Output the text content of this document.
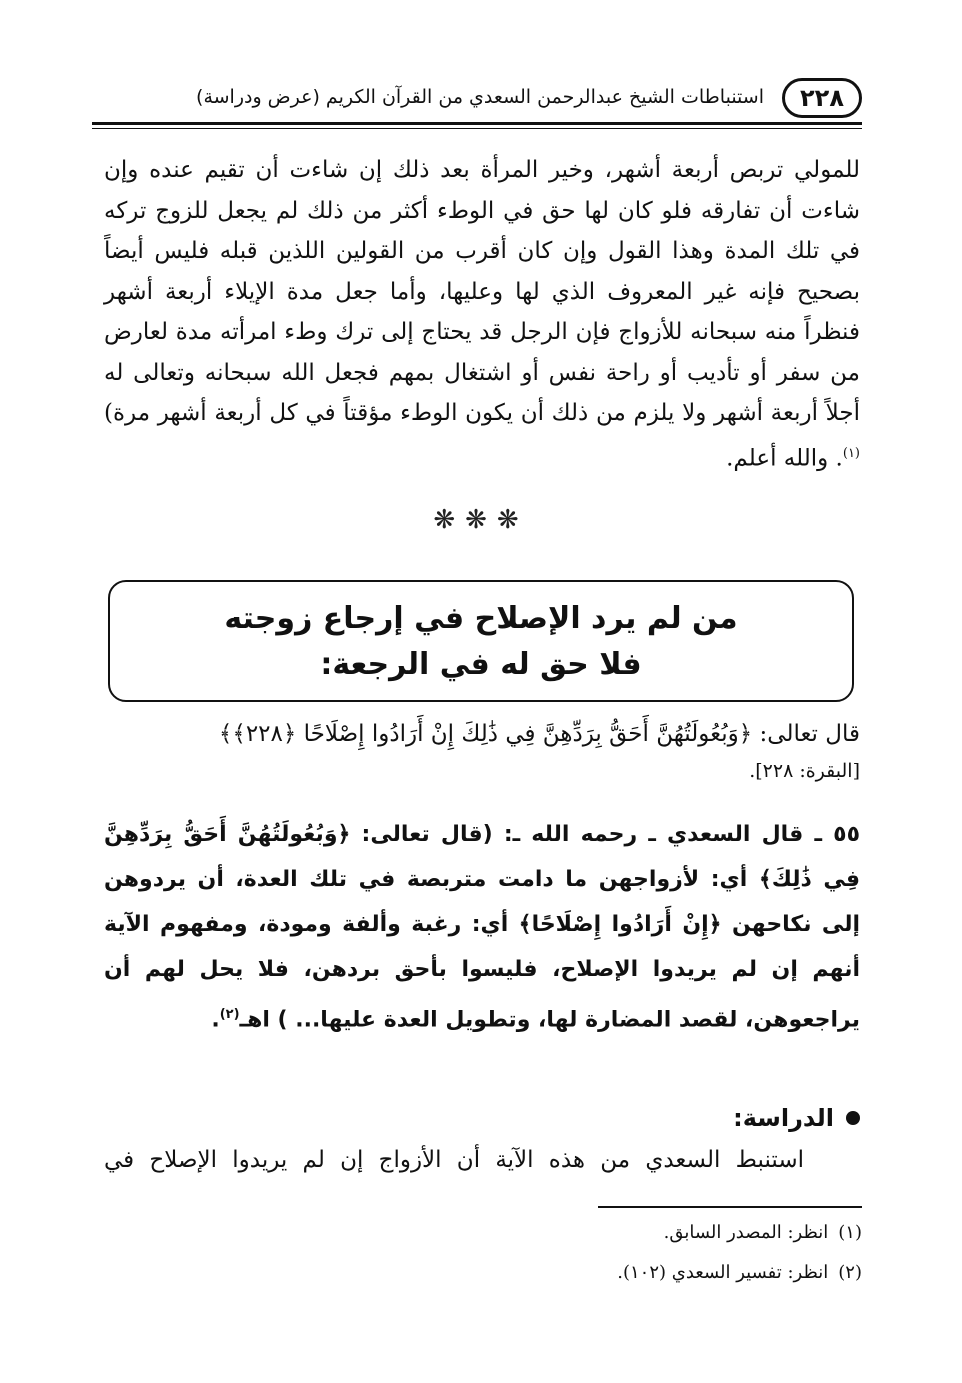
٢٢٨
استنباطات الشيخ عبدالرحمن السعدي من القرآن الكريم (عرض ودراسة)

للمولي تربص أربعة أشهر، وخير المرأة بعد ذلك إن شاءت أن تقيم عنده وإن شاءت أن تفارقه فلو كان لها حق في الوطء أكثر من ذلك لم يجعل للزوج تركه في تلك المدة وهذا القول وإن كان أقرب من القولين اللذين قبله فليس أيضاً بصحيح فإنه غير المعروف الذي لها وعليها، وأما جعل مدة الإيلاء أربعة أشهر فنظراً منه سبحانه للأزواج فإن الرجل قد يحتاج إلى ترك وطء امرأته مدة لعارض من سفر أو تأديب أو راحة نفس أو اشتغال بمهم فجعل الله سبحانه وتعالى له أجلاً أربعة أشهر ولا يلزم من ذلك أن يكون الوطء مؤقتاً في كل أربعة أشهر مرة)$^{(١)}$. والله أعلم.

❋❋❋
من لم يرد الإصلاح في إرجاع زوجته
فلا حق له في الرجعة:
قال تعالى: ﴿وَبُعُولَتُهُنَّ أَحَقُّ بِرَدِّهِنَّ فِي ذَٰلِكَ إِنْ أَرَادُوا إِصْلَاحًا ﴿٢٢٨﴾﴾
[البقرة: ٢٢٨].

٥٥ ـ قال السعدي ـ رحمه الله ـ: (قال تعالى: ﴿وَبُعُولَتُهُنَّ أَحَقُّ بِرَدِّهِنَّ فِي ذَٰلِكَ﴾ أي: لأزواجهن ما دامت متربصة في تلك العدة، أن يردوهن إلى نكاحهن ﴿إِنْ أَرَادُوا إِصْلَاحًا﴾ أي: رغبة وألفة ومودة، ومفهوم الآية أنهم إن لم يريدوا الإصلاح، فليسوا بأحق بردهن، فلا يحل لهم أن يراجعوهن، لقصد المضارة لها، وتطويل العدة عليها... ) اهـ$^{(٢)}$.

الدراسة:

استنبط السعدي من هذه الآية أن الأزواج إن لم يريدوا الإصلاح في

(١)انظر: المصدر السابق.
(٢)انظر: تفسير السعدي (١٠٢).
